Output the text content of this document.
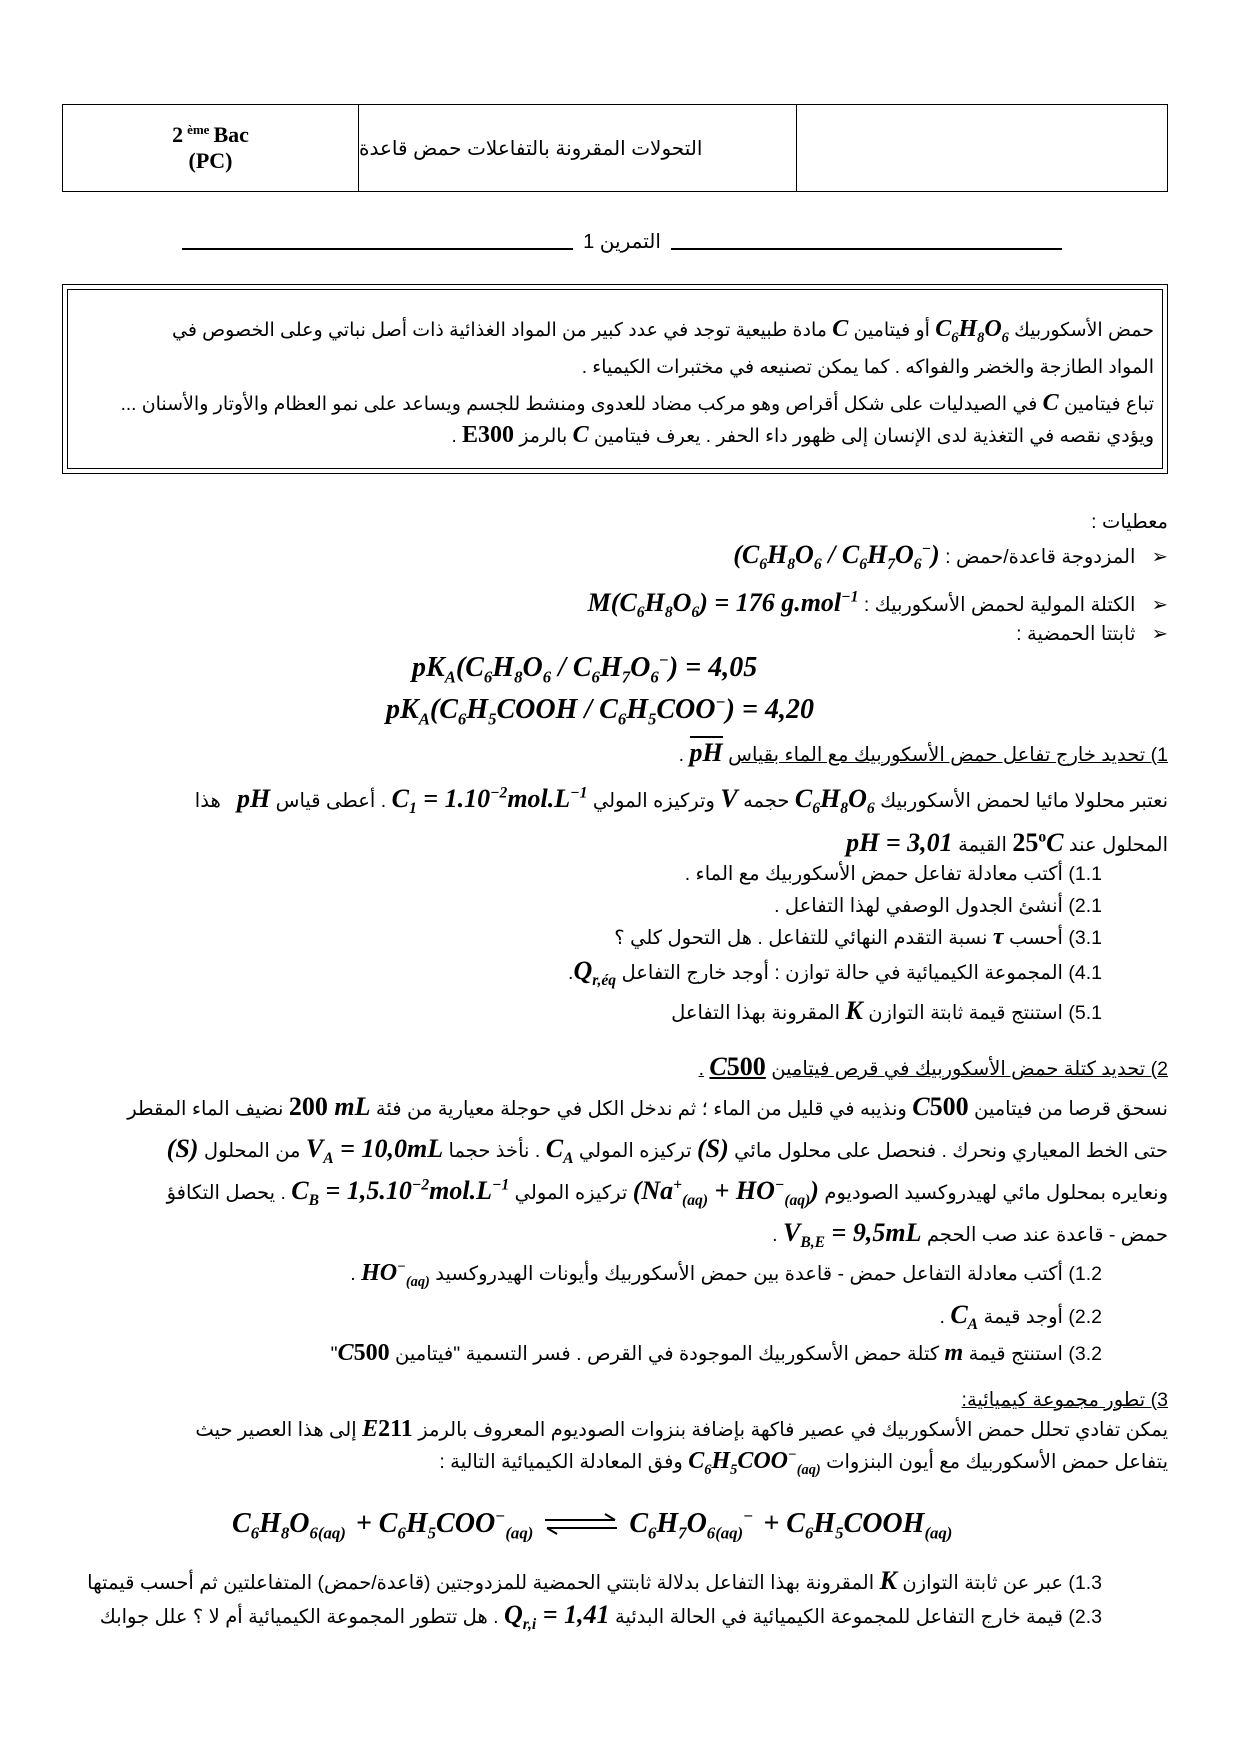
2 ème Bac
(PC)	التحولات المقرونة بالتفاعلات حمض قاعدة
التمرين 1
حمض الأسكوربيك $C_6H_8O_6$ أو فيتامين C مادة طبيعية توجد في عدد كبير من المواد الغذائية ذات أصل نباتي وعلى الخصوص في
المواد الطازجة والخضر والفواكه . كما يمكن تصنيعه في مختبرات الكيمياء .
تباع فيتامين C في الصيدليات على شكل أقراص وهو مركب مضاد للعدوى ومنشط للجسم ويساعد على نمو العظام والأوتار والأسنان ...
ويؤدي نقصه في التغذية لدى الإنسان إلى ظهور داء الحفر . يعرف فيتامين C بالرمز E300 .
معطيات :
➢   المزدوجة قاعدة/حمض : $(C_6H_8O_6 / C_6H_7O_6^-)$
➢   الكتلة المولية لحمض الأسكوربيك : $M(C_6H_8O_6) = 176$ g.mol$^{-1}$
➢   ثابتتا الحمضية :
$pK_A(C_6H_8O_6 / C_6H_7O_6^-) = 4,05$
$pK_A(C_6H_5COOH / C_6H_5COO^-) = 4,20$
1) تحديد خارج تفاعل حمض الأسكوربيك مع الماء بقياس pH .
نعتبر محلولا مائيا لحمض الأسكوربيك $C_6H_8O_6$ حجمه V وتركيزه المولي $C_1 = 1.10^{-2}mol.L^{-1}$ . أعطى قياس pH   هذا
المحلول عند 25$^o$C القيمة pH = 3,01
1.1) أكتب معادلة تفاعل حمض الأسكوربيك مع الماء .
2.1) أنشئ الجدول الوصفي لهذا التفاعل .
3.1) أحسب τ نسبة التقدم النهائي للتفاعل . هل التحول كلي ؟
4.1) المجموعة الكيميائية في حالة توازن : أوجد خارج التفاعل $Q_{r,éq}$.
5.1) استنتج قيمة ثابتة التوازن K المقرونة بهذا التفاعل
2) تحديد كتلة حمض الأسكوربيك في قرص فيتامين C500 .
نسحق قرصا من فيتامين C500 ونذيبه في قليل من الماء ؛ ثم ندخل الكل في حوجلة معيارية من فئة 200 mL نضيف الماء المقطر
حتى الخط المعياري ونحرك . فنحصل على محلول مائي (S) تركيزه المولي $C_A$ . نأخذ حجما $V_A = 10,0mL$ من المحلول (S)
ونعايره بمحلول مائي لهيدروكسيد الصوديوم $(Na^+_{(aq)} + HO^-_{(aq)})$ تركيزه المولي $C_B = 1,5.10^{-2}mol.L^{-1}$ . يحصل التكافؤ
حمض - قاعدة عند صب الحجم $V_{B,E} = 9,5mL$ .
1.2) أكتب معادلة التفاعل حمض - قاعدة بين حمض الأسكوربيك وأيونات الهيدروكسيد $HO^-_{(aq)}$ .
2.2) أوجد قيمة $C_A$ .
3.2) استنتج قيمة m كتلة حمض الأسكوربيك الموجودة في القرص . فسر التسمية "فيتامين C500"
3) تطور مجموعة كيميائية:
يمكن تفادي تحلل حمض الأسكوربيك في عصير فاكهة بإضافة بنزوات الصوديوم المعروف بالرمز E211 إلى هذا العصير حيث
يتفاعل حمض الأسكوربيك مع أيون البنزوات $C_6H_5COO^-_{(aq)}$ وفق المعادلة الكيميائية التالية :
$C_6H_8O_{6(aq)} + C_6H_5COO^-_{(aq)}$ ⇌ $C_6H_7O_{6(aq)}^-$ + $C_6H_5COOH_{(aq)}$
1.3) عبر عن ثابتة التوازن K المقرونة بهذا التفاعل بدلالة ثابتتي الحمضية للمزدوجتين (قاعدة/حمض) المتفاعلتين ثم أحسب قيمتها
2.3) قيمة خارج التفاعل للمجموعة الكيميائية في الحالة البدئية $Q_{r,i} = 1,41$ . هل تتطور المجموعة الكيميائية أم لا ؟ علل جوابك
